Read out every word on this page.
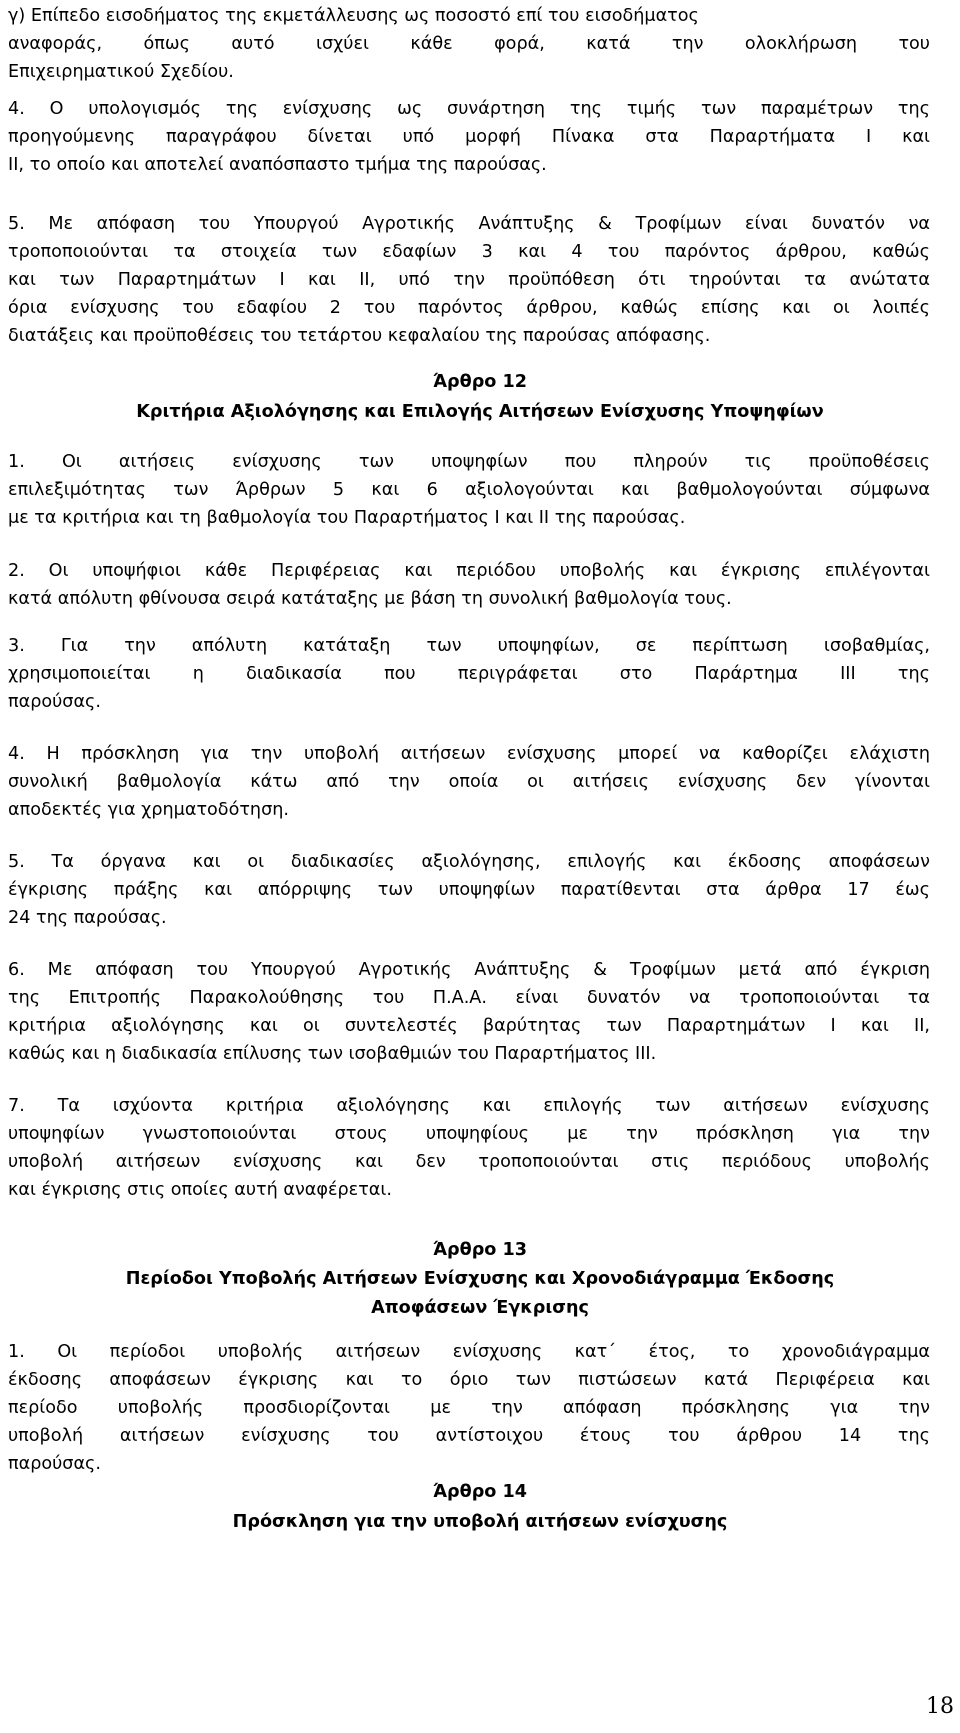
γ) Επίπεδο εισοδήματος της εκμετάλλευσης ως ποσοστό επί του εισοδήματος
αναφοράς, όπως αυτό ισχύει κάθε φορά, κατά την ολοκλήρωση του
Επιχειρηματικού Σχεδίου.
4. Ο υπολογισμός της ενίσχυσης ως συνάρτηση της τιμής των παραμέτρων της
προηγούμενης παραγράφου δίνεται υπό μορφή Πίνακα στα Παραρτήματα Ι και
ΙΙ, το οποίο και αποτελεί αναπόσπαστο τμήμα της παρούσας.
5. Με απόφαση του Υπουργού Αγροτικής Ανάπτυξης & Τροφίμων είναι δυνατόν να
τροποποιούνται τα στοιχεία των εδαφίων 3 και 4 του παρόντος άρθρου, καθώς
και των Παραρτημάτων Ι και ΙΙ, υπό την προϋπόθεση ότι τηρούνται τα ανώτατα
όρια ενίσχυσης του εδαφίου 2 του παρόντος άρθρου, καθώς επίσης και οι λοιπές
διατάξεις και προϋποθέσεις του τετάρτου κεφαλαίου της παρούσας απόφασης.
Άρθρο 12
Κριτήρια Αξιολόγησης και Επιλογής Αιτήσεων Ενίσχυσης Υποψηφίων
1. Οι αιτήσεις ενίσχυσης των υποψηφίων που πληρούν τις προϋποθέσεις
επιλεξιμότητας των Άρθρων 5 και 6 αξιολογούνται και βαθμολογούνται σύμφωνα
με τα κριτήρια και τη βαθμολογία του Παραρτήματος Ι και ΙΙ της παρούσας.
2. Οι υποψήφιοι κάθε Περιφέρειας και περιόδου υποβολής και έγκρισης επιλέγονται
κατά απόλυτη φθίνουσα σειρά κατάταξης με βάση τη συνολική βαθμολογία τους.
3. Για την απόλυτη κατάταξη των υποψηφίων, σε περίπτωση ισοβαθμίας,
χρησιμοποιείται η διαδικασία που περιγράφεται στο Παράρτημα ΙΙΙ της
παρούσας.
4. Η πρόσκληση για την υποβολή αιτήσεων ενίσχυσης μπορεί να καθορίζει ελάχιστη
συνολική βαθμολογία κάτω από την οποία οι αιτήσεις ενίσχυσης δεν γίνονται
αποδεκτές για χρηματοδότηση.
5. Τα όργανα και οι διαδικασίες αξιολόγησης, επιλογής και έκδοσης αποφάσεων
έγκρισης πράξης και απόρριψης των υποψηφίων παρατίθενται στα άρθρα 17 έως
24 της παρούσας.
6. Με απόφαση του Υπουργού Αγροτικής Ανάπτυξης & Τροφίμων μετά από έγκριση
της Επιτροπής Παρακολούθησης του Π.Α.Α. είναι δυνατόν να τροποποιούνται τα
κριτήρια αξιολόγησης και οι συντελεστές βαρύτητας των Παραρτημάτων Ι και ΙΙ,
καθώς και η διαδικασία επίλυσης των ισοβαθμιών του Παραρτήματος ΙΙΙ.
7. Τα ισχύοντα κριτήρια αξιολόγησης και επιλογής των αιτήσεων ενίσχυσης
υποψηφίων γνωστοποιούνται στους υποψηφίους με την πρόσκληση για την
υποβολή αιτήσεων ενίσχυσης και δεν τροποποιούνται στις περιόδους υποβολής
και έγκρισης στις οποίες αυτή αναφέρεται.
Άρθρο 13
Περίοδοι Υποβολής Αιτήσεων Ενίσχυσης και Χρονοδιάγραμμα Έκδοσης
Αποφάσεων Έγκρισης
1. Οι περίοδοι υποβολής αιτήσεων ενίσχυσης κατ΄ έτος, το χρονοδιάγραμμα
έκδοσης αποφάσεων έγκρισης και το όριο των πιστώσεων κατά Περιφέρεια και
περίοδο υποβολής προσδιορίζονται με την απόφαση πρόσκλησης για την
υποβολή αιτήσεων ενίσχυσης του αντίστοιχου έτους του άρθρου 14 της
παρούσας.
Άρθρο 14
Πρόσκληση για την υποβολή αιτήσεων ενίσχυσης
18
